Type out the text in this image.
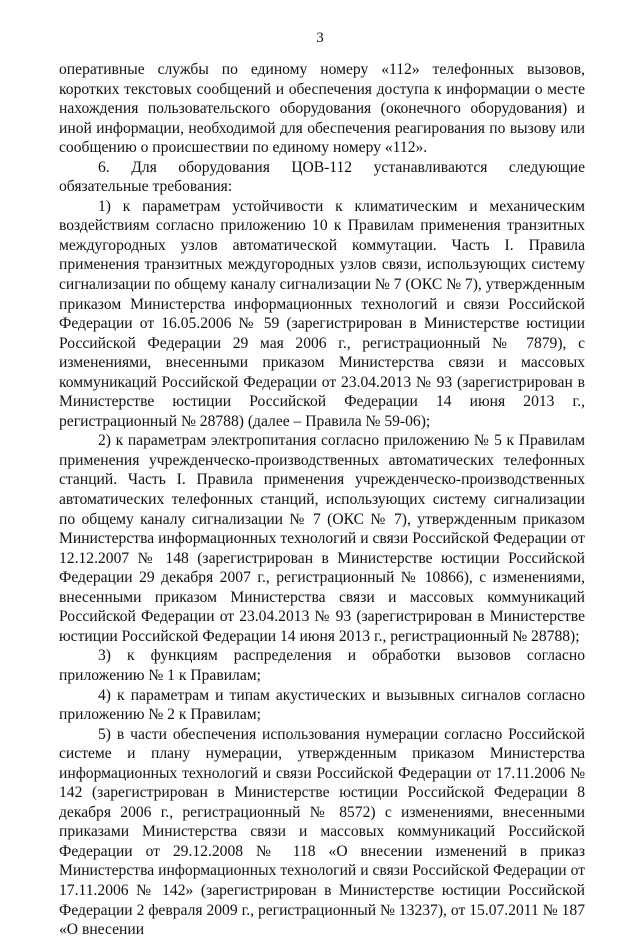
3

оперативные службы по единому номеру «112» телефонных вызовов, коротких текстовых сообщений и обеспечения доступа к информации о месте нахождения пользовательского оборудования (оконечного оборудования) и иной информации, необходимой для обеспечения реагирования по вызову или сообщению о происшествии по единому номеру «112».

6. Для оборудования ЦОВ-112 устанавливаются следующие обязательные требования:

1) к параметрам устойчивости к климатическим и механическим воздействиям согласно приложению 10 к Правилам применения транзитных междугородных узлов автоматической коммутации. Часть I. Правила применения транзитных междугородных узлов связи, использующих систему сигнализации по общему каналу сигнализации № 7 (ОКС № 7), утвержденным приказом Министерства информационных технологий и связи Российской Федерации от 16.05.2006 № 59 (зарегистрирован в Министерстве юстиции Российской Федерации 29 мая 2006 г., регистрационный № 7879), с изменениями, внесенными приказом Министерства связи и массовых коммуникаций Российской Федерации от 23.04.2013 № 93 (зарегистрирован в Министерстве юстиции Российской Федерации 14 июня 2013 г., регистрационный № 28788) (далее – Правила № 59-06);

2) к параметрам электропитания согласно приложению № 5 к Правилам применения учрежденческо-производственных автоматических телефонных станций. Часть I. Правила применения учрежденческо-производственных автоматических телефонных станций, использующих систему сигнализации по общему каналу сигнализации № 7 (ОКС № 7), утвержденным приказом Министерства информационных технологий и связи Российской Федерации от 12.12.2007 № 148 (зарегистрирован в Министерстве юстиции Российской Федерации 29 декабря 2007 г., регистрационный № 10866), с изменениями, внесенными приказом Министерства связи и массовых коммуникаций Российской Федерации от 23.04.2013 № 93 (зарегистрирован в Министерстве юстиции Российской Федерации 14 июня 2013 г., регистрационный № 28788);

3) к функциям распределения и обработки вызовов согласно приложению № 1 к Правилам;

4) к параметрам и типам акустических и вызывных сигналов согласно приложению № 2 к Правилам;

5) в части обеспечения использования нумерации согласно Российской системе и плану нумерации, утвержденным приказом Министерства информационных технологий и связи Российской Федерации от 17.11.2006 № 142 (зарегистрирован в Министерстве юстиции Российской Федерации 8 декабря 2006 г., регистрационный № 8572) с изменениями, внесенными приказами Министерства связи и массовых коммуникаций Российской Федерации от 29.12.2008 № 118 «О внесении изменений в приказ Министерства информационных технологий и связи Российской Федерации от 17.11.2006 № 142» (зарегистрирован в Министерстве юстиции Российской Федерации 2 февраля 2009 г., регистрационный № 13237), от 15.07.2011 № 187 «О внесении
